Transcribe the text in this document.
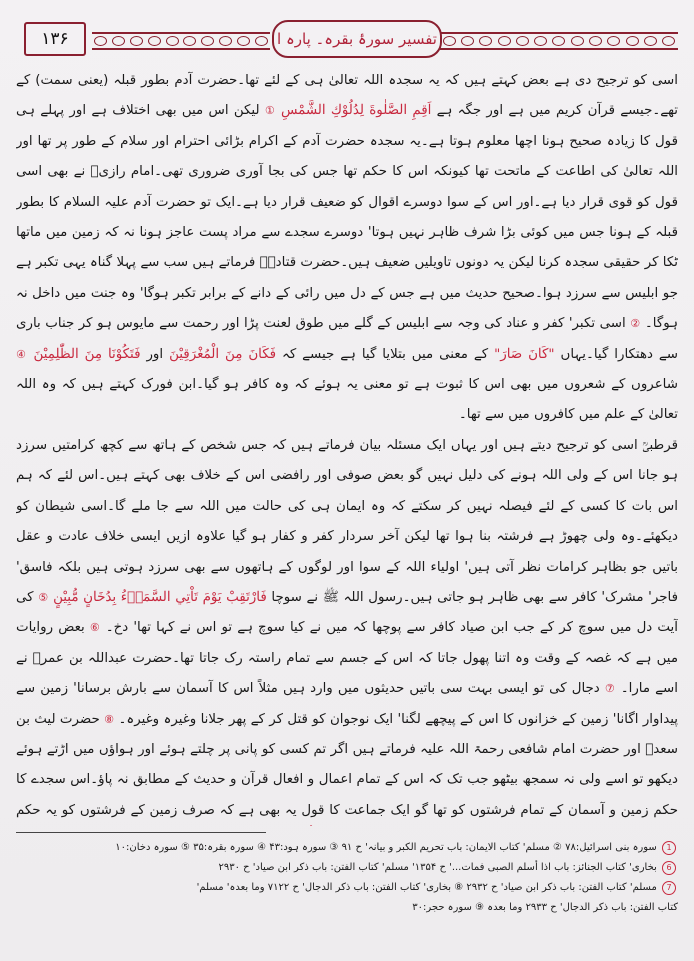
۱۳۶	تفسیر سورۂ بقرہ۔ پارہ ا

اسی کو ترجیح دی ہے بعض کہتے ہیں کہ یہ سجدہ اللہ تعالیٰ ہی کے لئے تھا۔حضرت آدم بطور قبلہ (یعنی سمت) کے تھے۔جیسے قرآن کریم میں ہے اور جگہ ہے اَقِمِ الصَّلٰوةَ لِدُلُوْكِ الشَّمْسِ ① لیکن اس میں بھی اختلاف ہے اور پہلے ہی قول کا زیادہ صحیح ہونا اچھا معلوم ہوتا ہے۔یہ سجدہ حضرت آدم کے اکرام بڑائی احترام اور سلام کے طور پر تھا اور اللہ تعالیٰ کی اطاعت کے ماتحت تھا کیونکہ اس کا حکم تھا جس کی بجا آوری ضروری تھی۔امام رازیؒ نے بھی اسی قول کو قوی قرار دیا ہے۔اور اس کے سوا دوسرے اقوال کو ضعیف قرار دیا ہے۔ایک تو حضرت آدم علیہ السلام کا بطور قبلہ کے ہونا جس میں کوئی بڑا شرف ظاہر نہیں ہوتا' دوسرے سجدے سے مراد پست عاجز ہونا نہ کہ زمین میں ماتھا ٹکا کر حقیقی سجدہ کرنا لیکن یہ دونوں تاویلیں ضعیف ہیں۔حضرت قتادہؒ فرماتے ہیں سب سے پہلا گناہ یہی تکبر ہے جو ابلیس سے سرزد ہوا۔صحیح حدیث میں ہے جس کے دل میں رائی کے دانے کے برابر تکبر ہوگا' وہ جنت میں داخل نہ ہوگا۔ ② اسی تکبر' کفر و عناد کی وجہ سے ابلیس کے گلے میں طوق لعنت پڑا اور رحمت سے مایوس ہو کر جناب باری سے دھتکارا گیا۔یہاں "كَانَ صَارَ" کے معنی میں بتلایا گیا ہے جیسے کہ فَكَانَ مِنَ الْمُغْرَقِيْنَ اور فَتَكُوْنَا مِنَ الظّٰلِمِيْنَ ④ شاعروں کے شعروں میں بھی اس کا ثبوت ہے تو معنی یہ ہوئے کہ وہ کافر ہو گیا۔ابن فورک کہتے ہیں کہ وہ اللہ تعالیٰ کے علم میں کافروں میں سے تھا۔

قرطبیؒ اسی کو ترجیح دیتے ہیں اور یہاں ایک مسئلہ بیان فرماتے ہیں کہ جس شخص کے ہاتھ سے کچھ کرامتیں سرزد ہو جانا اس کے ولی اللہ ہونے کی دلیل نہیں گو بعض صوفی اور رافضی اس کے خلاف بھی کہتے ہیں۔اس لئے کہ ہم اس بات کا کسی کے لئے فیصلہ نہیں کر سکتے کہ وہ ایمان ہی کی حالت میں اللہ سے جا ملے گا۔اسی شیطان کو دیکھئے۔وہ ولی چھوڑ ہے فرشتہ بنا ہوا تھا لیکن آخر سردار کفر و کفار ہو گیا علاوہ ازیں ایسی خلاف عادت و عقل باتیں جو بظاہر کرامات نظر آتی ہیں' اولیاء اللہ کے سوا اور لوگوں کے ہاتھوں سے بھی سرزد ہوتی ہیں بلکہ فاسق' فاجر' مشرک' کافر سے بھی ظاہر ہو جاتی ہیں۔رسول اللہ ﷺ نے سوچا فَارْتَقِبْ يَوْمَ تَاْتِي السَّمَاۗءُ بِدُخَانٍ مُّبِيْنٍ ⑤ کی آیت دل میں سوچ کر کے جب ابن صیاد کافر سے پوچھا کہ میں نے کیا سوچ ہے تو اس نے کہا تھا' دخ۔ ⑥ بعض روایات میں ہے کہ غصہ کے وقت وہ اتنا پھول جاتا کہ اس کے جسم سے تمام راستہ رک جاتا تھا۔حضرت عبداللہ بن عمرؓ نے اسے مارا۔ ⑦ دجال کی تو ایسی بہت سی باتیں حدیثوں میں وارد ہیں مثلاً اس کا آسمان سے بارش برسانا' زمین سے پیداوار اگانا' زمین کے خزانوں کا اس کے پیچھے لگنا' ایک نوجوان کو قتل کر کے پھر جلانا وغیرہ وغیرہ۔ ⑧ حضرت لیث بن سعدؒ اور حضرت امام شافعی رحمۃ اللہ علیہ فرماتے ہیں اگر تم کسی کو پانی پر چلتے ہوئے اور ہواؤں میں اڑتے ہوئے دیکھو تو اسے ولی نہ سمجھ بیٹھو جب تک کہ اس کے تمام اعمال و افعال قرآن و حدیث کے مطابق نہ پاؤ۔اس سجدے کا حکم زمین و آسمان کے تمام فرشتوں کو تھا گو ایک جماعت کا قول یہ بھی ہے کہ صرف زمین کے فرشتوں کو یہ حکم

1 سورہ بنی اسرائیل:۷۸ ② مسلم' کتاب الایمان: باب تحریم الکبر و بیانہ' ح ۹۱ ③ سورہ ہود:۴۳ ④ سورہ بقرہ:۳۵ ⑤ سورہ دخان:۱۰

6 بخاری' کتاب الجنائز: باب اذا أسلم الصبی فمات...' ح ۱۳۵۴' مسلم' کتاب الفتن: باب ذکر ابن صیاد' ح ۲۹۳۰

7 مسلم' کتاب الفتن: باب ذکر ابن صیاد' ح ۲۹۳۲ ⑧ بخاری' کتاب الفتن: باب ذکر الدجال' ح ۷۱۲۲ وما بعدہ' مسلم'

کتاب الفتن: باب ذکر الدجال' ح ۲۹۳۳ وما بعدہ ⑨ سورہ حجر:۳۰
